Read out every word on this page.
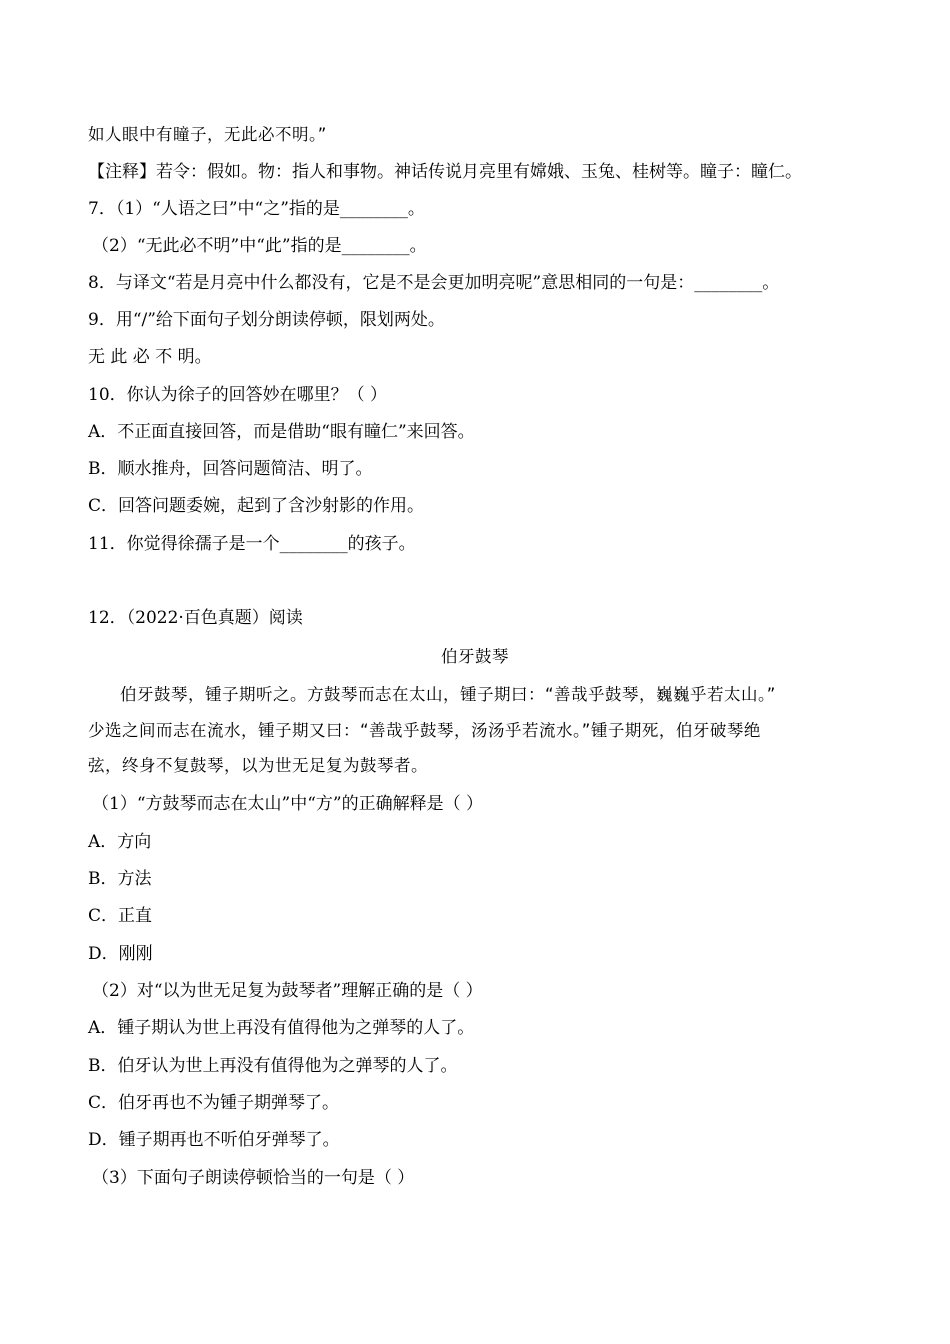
如人眼中有瞳子，无此必不明。”
【注释】若令：假如。物：指人和事物。神话传说月亮里有嫦娥、玉兔、桂树等。瞳子：瞳仁。
7．（1）“人语之曰”中“之”指的是________。
（2）“无此必不明”中“此”指的是________。
8．与译文“若是月亮中什么都没有，它是不是会更加明亮呢”意思相同的一句是：________。
9．用“/”给下面句子划分朗读停顿，限划两处。
无 此 必 不 明。
10．你认为徐子的回答妙在哪里？（ ）
A．不正面直接回答，而是借助“眼有瞳仁”来回答。
B．顺水推舟，回答问题简洁、明了。
C．回答问题委婉，起到了含沙射影的作用。
11．你觉得徐孺子是一个________的孩子。
12．（2022·百色真题）阅读
伯牙鼓琴
伯牙鼓琴，锺子期听之。方鼓琴而志在太山，锺子期曰：“善哉乎鼓琴，巍巍乎若太山。”
少选之间而志在流水，锺子期又曰：“善哉乎鼓琴，汤汤乎若流水。”锺子期死，伯牙破琴绝
弦，终身不复鼓琴，以为世无足复为鼓琴者。
（1）“方鼓琴而志在太山”中“方”的正确解释是（ ）
A．方向
B．方法
C．正直
D．刚刚
（2）对“以为世无足复为鼓琴者”理解正确的是（ ）
A．锺子期认为世上再没有值得他为之弹琴的人了。
B．伯牙认为世上再没有值得他为之弹琴的人了。
C．伯牙再也不为锺子期弹琴了。
D．锺子期再也不听伯牙弹琴了。
（3）下面句子朗读停顿恰当的一句是（ ）
